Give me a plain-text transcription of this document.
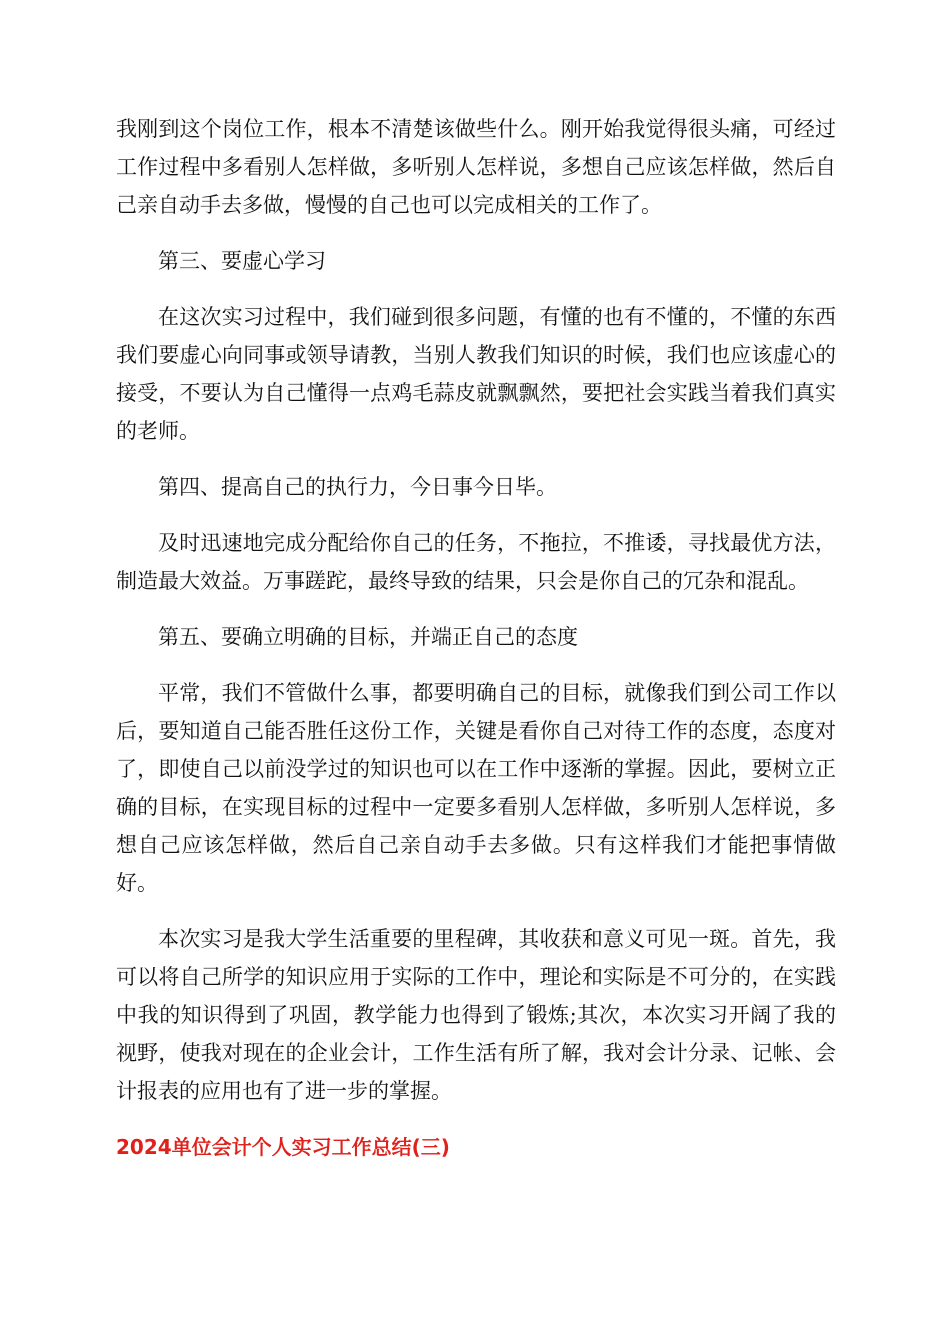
我刚到这个岗位工作，根本不清楚该做些什么。刚开始我觉得很头痛，可经过工作过程中多看别人怎样做，多听别人怎样说，多想自己应该怎样做，然后自己亲自动手去多做，慢慢的自己也可以完成相关的工作了。

第三、要虚心学习

在这次实习过程中，我们碰到很多问题，有懂的也有不懂的，不懂的东西我们要虚心向同事或领导请教，当别人教我们知识的时候，我们也应该虚心的接受，不要认为自己懂得一点鸡毛蒜皮就飘飘然，要把社会实践当着我们真实的老师。

第四、提高自己的执行力，今日事今日毕。

及时迅速地完成分配给你自己的任务，不拖拉，不推诿，寻找最优方法，制造最大效益。万事蹉跎，最终导致的结果，只会是你自己的冗杂和混乱。

第五、要确立明确的目标，并端正自己的态度

平常，我们不管做什么事，都要明确自己的目标，就像我们到公司工作以后，要知道自己能否胜任这份工作，关键是看你自己对待工作的态度，态度对了，即使自己以前没学过的知识也可以在工作中逐渐的掌握。因此，要树立正确的目标，在实现目标的过程中一定要多看别人怎样做，多听别人怎样说，多想自己应该怎样做，然后自己亲自动手去多做。只有这样我们才能把事情做好。

本次实习是我大学生活重要的里程碑，其收获和意义可见一斑。首先，我可以将自己所学的知识应用于实际的工作中，理论和实际是不可分的，在实践中我的知识得到了巩固，教学能力也得到了锻炼;其次，本次实习开阔了我的视野，使我对现在的企业会计，工作生活有所了解，我对会计分录、记帐、会计报表的应用也有了进一步的掌握。

2024单位会计个人实习工作总结(三)
